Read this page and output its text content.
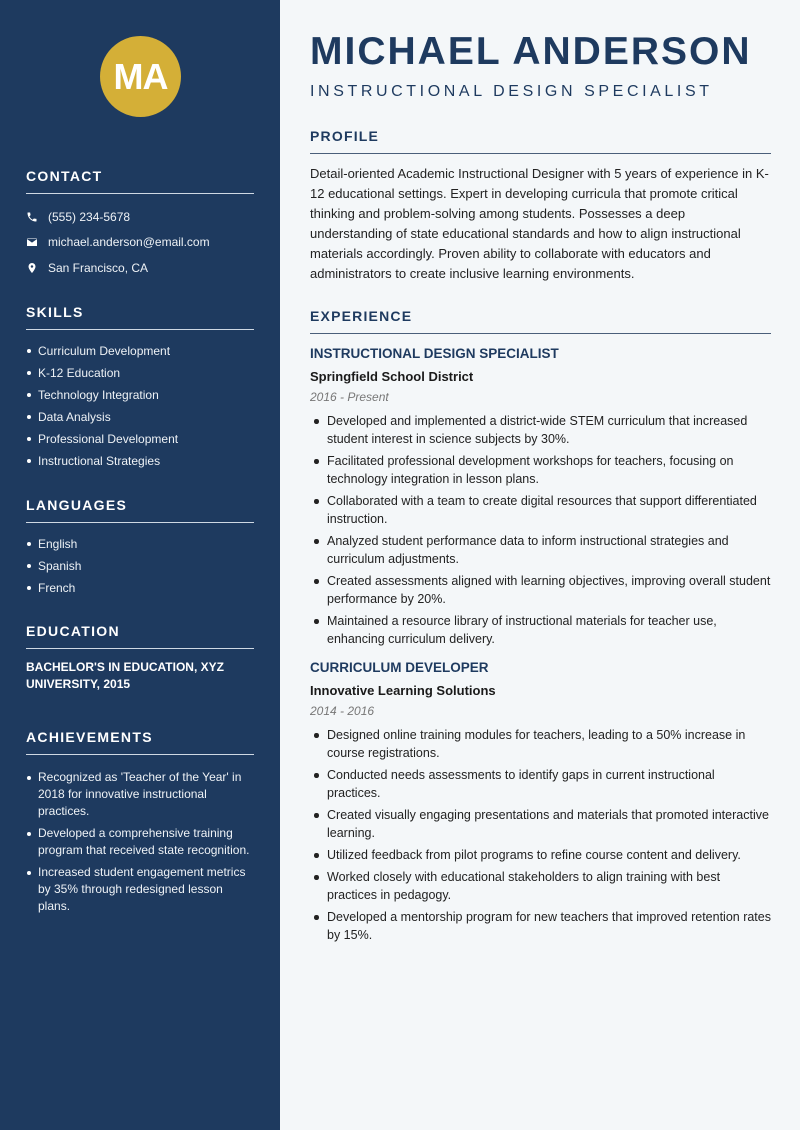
MA
CONTACT
(555) 234-5678
michael.anderson@email.com
San Francisco, CA
SKILLS
Curriculum Development
K-12 Education
Technology Integration
Data Analysis
Professional Development
Instructional Strategies
LANGUAGES
English
Spanish
French
EDUCATION
BACHELOR'S IN EDUCATION, XYZ UNIVERSITY, 2015
ACHIEVEMENTS
Recognized as 'Teacher of the Year' in 2018 for innovative instructional practices.
Developed a comprehensive training program that received state recognition.
Increased student engagement metrics by 35% through redesigned lesson plans.
MICHAEL ANDERSON
INSTRUCTIONAL DESIGN SPECIALIST
PROFILE

Detail-oriented Academic Instructional Designer with 5 years of experience in K-12 educational settings. Expert in developing curricula that promote critical thinking and problem-solving among students. Possesses a deep understanding of state educational standards and how to align instructional materials accordingly. Proven ability to collaborate with educators and administrators to create inclusive learning environments.

EXPERIENCE
INSTRUCTIONAL DESIGN SPECIALIST
Springfield School District
2016 - Present
Developed and implemented a district-wide STEM curriculum that increased student interest in science subjects by 30%.
Facilitated professional development workshops for teachers, focusing on technology integration in lesson plans.
Collaborated with a team to create digital resources that support differentiated instruction.
Analyzed student performance data to inform instructional strategies and curriculum adjustments.
Created assessments aligned with learning objectives, improving overall student performance by 20%.
Maintained a resource library of instructional materials for teacher use, enhancing curriculum delivery.
CURRICULUM DEVELOPER
Innovative Learning Solutions
2014 - 2016
Designed online training modules for teachers, leading to a 50% increase in course registrations.
Conducted needs assessments to identify gaps in current instructional practices.
Created visually engaging presentations and materials that promoted interactive learning.
Utilized feedback from pilot programs to refine course content and delivery.
Worked closely with educational stakeholders to align training with best practices in pedagogy.
Developed a mentorship program for new teachers that improved retention rates by 15%.
